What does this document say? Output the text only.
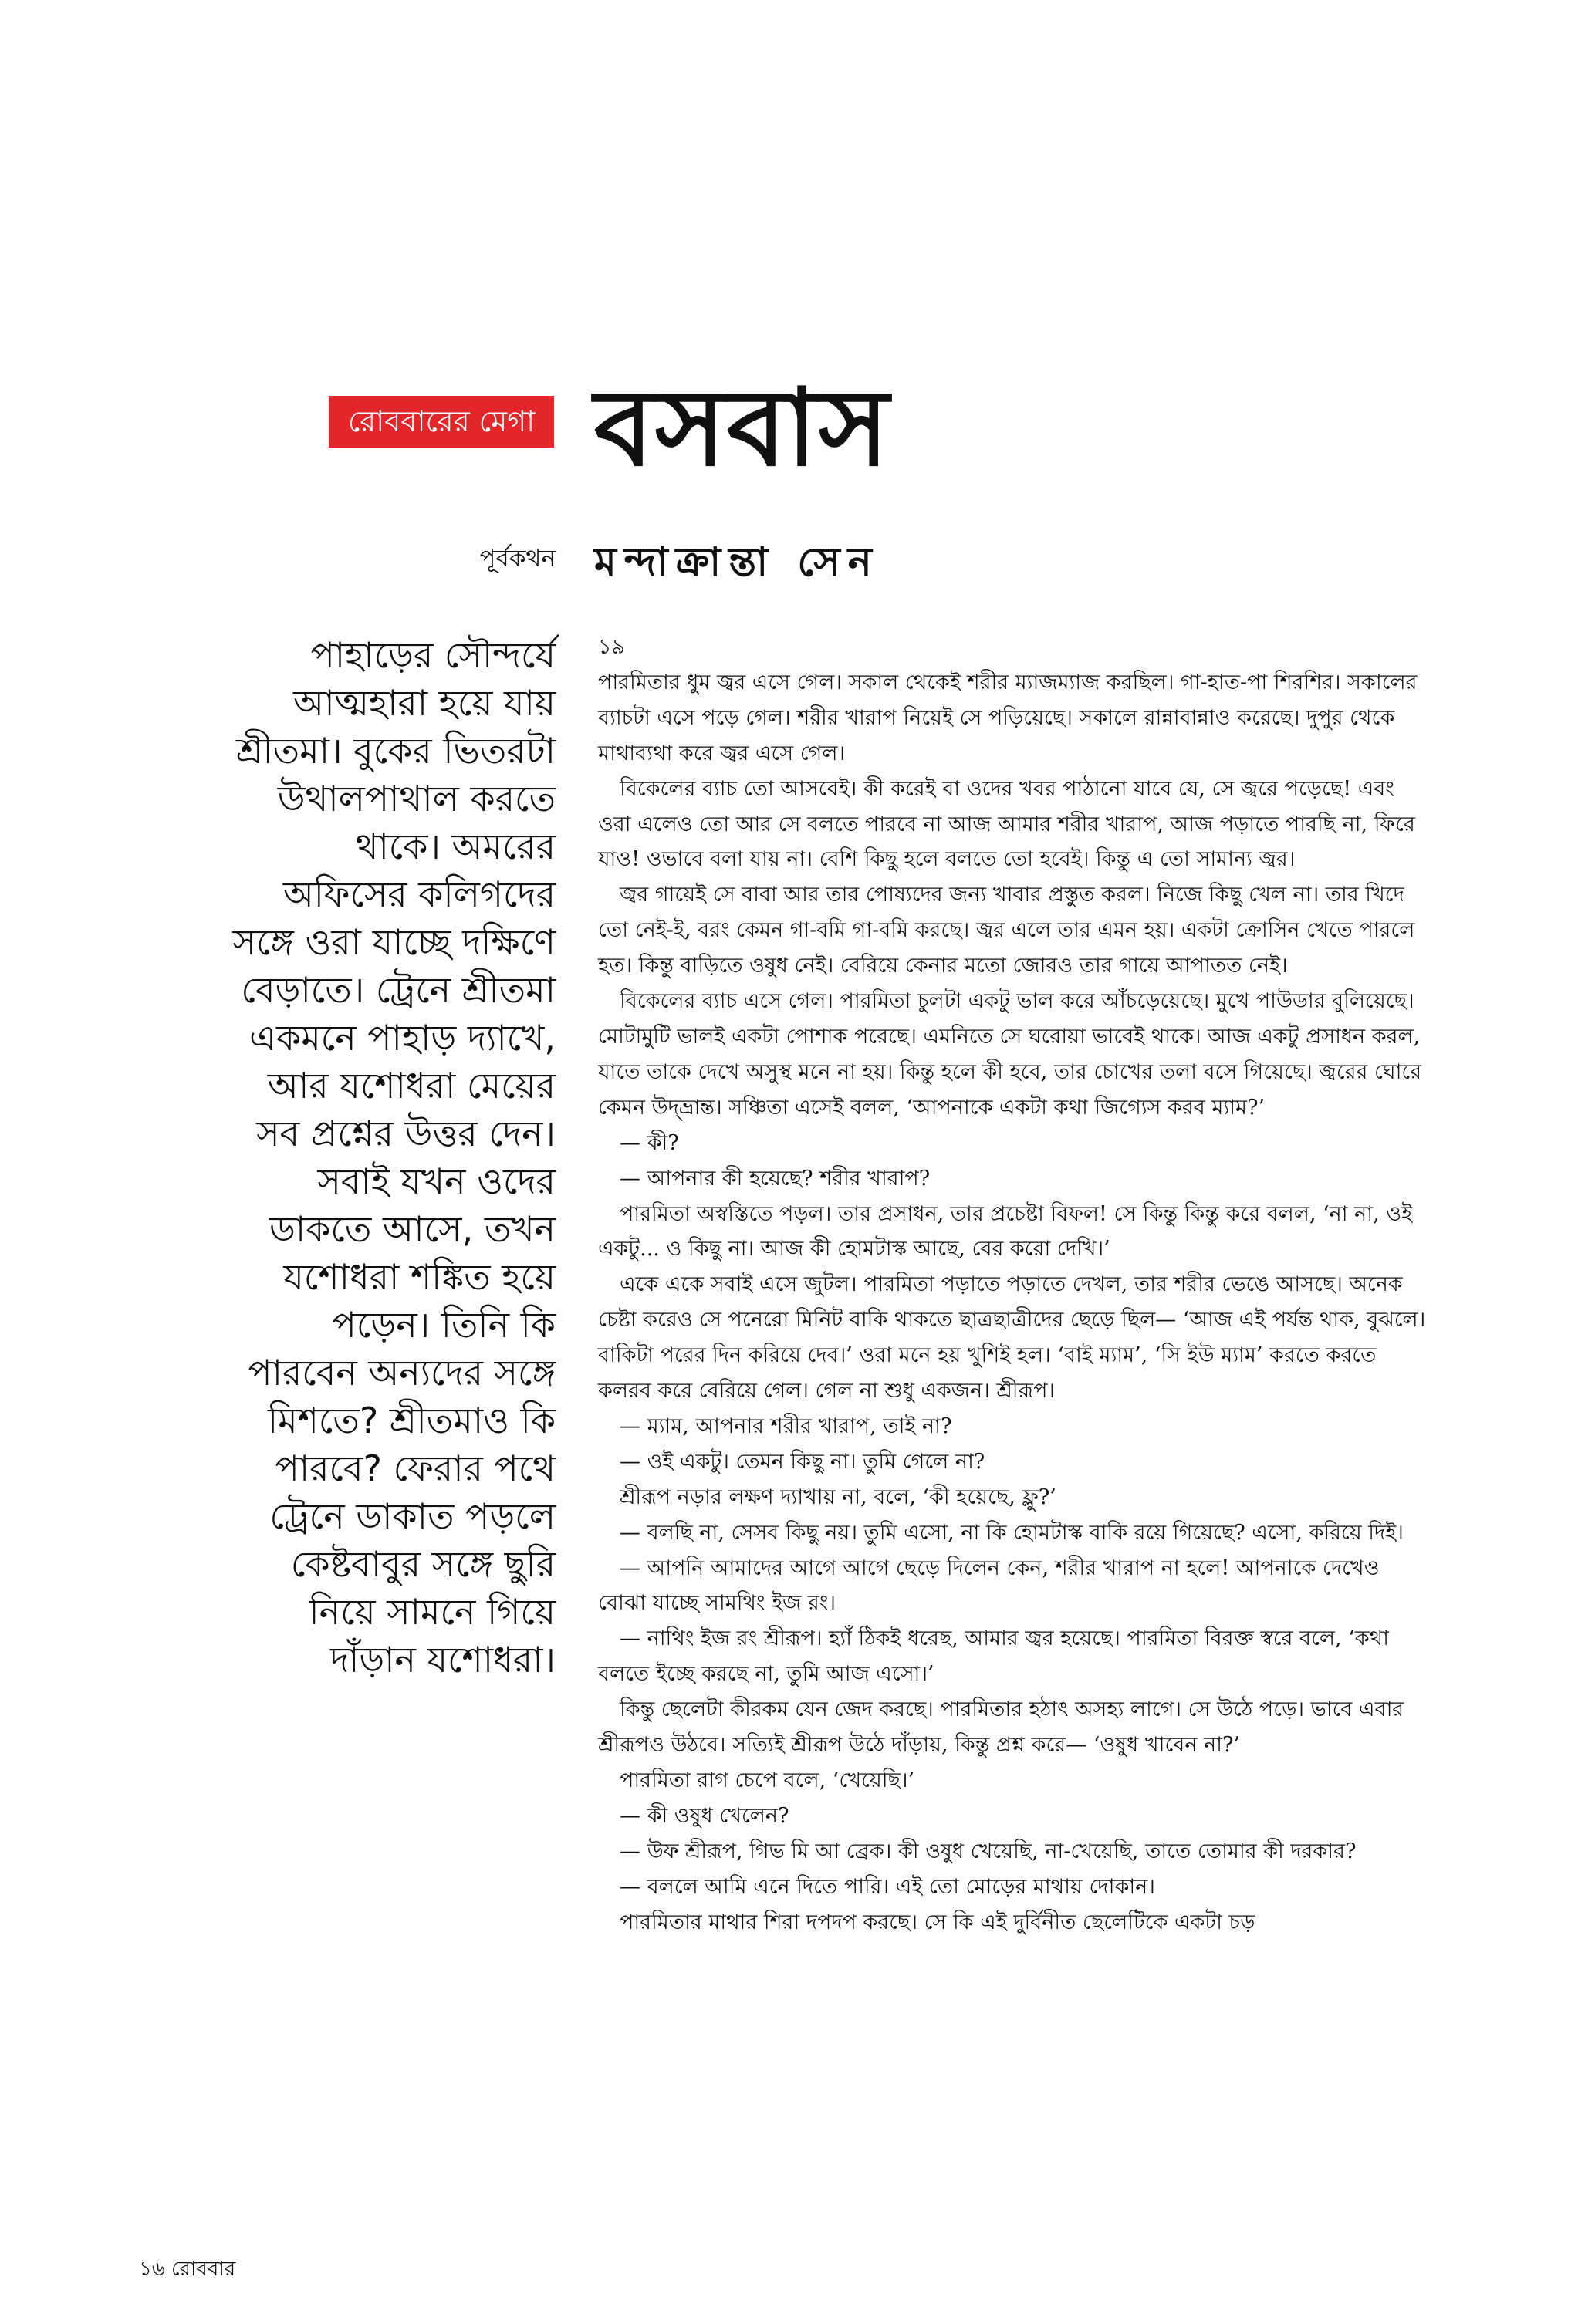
রোববারের মেগা বসবাস
পূর্বকথন মন্দাক্রান্তা সেন
পাহাড়ের সৌন্দর্যে
আত্মহারা হয়ে যায়
শ্রীতমা। বুকের ভিতরটা
উথালপাথাল করতে
থাকে। অমরের
অফিসের কলিগদের
সঙ্গে ওরা যাচ্ছে দক্ষিণে
বেড়াতে। ট্রেনে শ্রীতমা
একমনে পাহাড় দ্যাখে,
আর যশোধরা মেয়ের
সব প্রশ্নের উত্তর দেন।
সবাই যখন ওদের
ডাকতে আসে, তখন
যশোধরা শঙ্কিত হয়ে
পড়েন। তিনি কি
পারবেন অন্যদের সঙ্গে
মিশতে? শ্রীতমাও কি
পারবে? ফেরার পথে
ট্রেনে ডাকাত পড়লে
কেষ্টবাবুর সঙ্গে ছুরি
নিয়ে সামনে গিয়ে
দাঁড়ান যশোধরা।
১৯

পারমিতার ধুম জ্বর এসে গেল। সকাল থেকেই শরীর ম্যাজম্যাজ করছিল। গা-হাত-পা শিরশির। সকালের ব্যাচটা এসে পড়ে গেল। শরীর খারাপ নিয়েই সে পড়িয়েছে। সকালে রান্নাবান্নাও করেছে। দুপুর থেকে মাথাব্যথা করে জ্বর এসে গেল।

বিকেলের ব্যাচ তো আসবেই। কী করেই বা ওদের খবর পাঠানো যাবে যে, সে জ্বরে পড়েছে! এবং ওরা এলেও তো আর সে বলতে পারবে না আজ আমার শরীর খারাপ, আজ পড়াতে পারছি না, ফিরে যাও! ওভাবে বলা যায় না। বেশি কিছু হলে বলতে তো হবেই। কিন্তু এ তো সামান্য জ্বর।

জ্বর গায়েই সে বাবা আর তার পোষ্যদের জন্য খাবার প্রস্তুত করল। নিজে কিছু খেল না। তার খিদে তো নেই-ই, বরং কেমন গা-বমি গা-বমি করছে। জ্বর এলে তার এমন হয়। একটা ক্রোসিন খেতে পারলে হত। কিন্তু বাড়িতে ওষুধ নেই। বেরিয়ে কেনার মতো জোরও তার গায়ে আপাতত নেই।

বিকেলের ব্যাচ এসে গেল। পারমিতা চুলটা একটু ভাল করে আঁচড়েয়েছে। মুখে পাউডার বুলিয়েছে। মোটামুটি ভালই একটা পোশাক পরেছে। এমনিতে সে ঘরোয়া ভাবেই থাকে। আজ একটু প্রসাধন করল, যাতে তাকে দেখে অসুস্থ মনে না হয়। কিন্তু হলে কী হবে, তার চোখের তলা বসে গিয়েছে। জ্বরের ঘোরে কেমন উদ্‌ভ্রান্ত। সঞ্চিতা এসেই বলল, ‘আপনাকে একটা কথা জিগ্যেস করব ম্যাম?’

— কী?

— আপনার কী হয়েছে? শরীর খারাপ?

পারমিতা অস্বস্তিতে পড়ল। তার প্রসাধন, তার প্রচেষ্টা বিফল! সে কিন্তু কিন্তু করে বলল, ‘না না, ওই একটু... ও কিছু না। আজ কী হোমটাস্ক আছে, বের করো দেখি।’

একে একে সবাই এসে জুটল। পারমিতা পড়াতে পড়াতে দেখল, তার শরীর ভেঙে আসছে। অনেক চেষ্টা করেও সে পনেরো মিনিট বাকি থাকতে ছাত্রছাত্রীদের ছেড়ে ছিল— ‘আজ এই পর্যন্ত থাক, বুঝলে। বাকিটা পরের দিন করিয়ে দেব।’ ওরা মনে হয় খুশিই হল। ‘বাই ম্যাম’, ‘সি ইউ ম্যাম’ করতে করতে কলরব করে বেরিয়ে গেল। গেল না শুধু একজন। শ্রীরূপ।

— ম্যাম, আপনার শরীর খারাপ, তাই না?

— ওই একটু। তেমন কিছু না। তুমি গেলে না?

শ্রীরূপ নড়ার লক্ষণ দ্যাখায় না, বলে, ‘কী হয়েছে, ফ্লু?’

— বলছি না, সেসব কিছু নয়। তুমি এসো, না কি হোমটাস্ক বাকি রয়ে গিয়েছে? এসো, করিয়ে দিই।

— আপনি আমাদের আগে আগে ছেড়ে দিলেন কেন, শরীর খারাপ না হলে! আপনাকে দেখেও বোঝা যাচ্ছে সামথিং ইজ রং।

— নাথিং ইজ রং শ্রীরূপ। হ্যাঁ ঠিকই ধরেছ, আমার জ্বর হয়েছে। পারমিতা বিরক্ত স্বরে বলে, ‘কথা বলতে ইচ্ছে করছে না, তুমি আজ এসো।’

কিন্তু ছেলেটা কীরকম যেন জেদ করছে। পারমিতার হঠাৎ অসহ্য লাগে। সে উঠে পড়ে। ভাবে এবার শ্রীরূপও উঠবে। সত্যিই শ্রীরূপ উঠে দাঁড়ায়, কিন্তু প্রশ্ন করে— ‘ওষুধ খাবেন না?’

পারমিতা রাগ চেপে বলে, ‘খেয়েছি।’

— কী ওষুধ খেলেন?

— উফ শ্রীরূপ, গিভ মি আ ব্রেক। কী ওষুধ খেয়েছি, না-খেয়েছি, তাতে তোমার কী দরকার?

— বললে আমি এনে দিতে পারি। এই তো মোড়ের মাথায় দোকান।

পারমিতার মাথার শিরা দপদপ করছে। সে কি এই দুর্বিনীত ছেলেটিকে একটা চড়

১৬ রোববার
